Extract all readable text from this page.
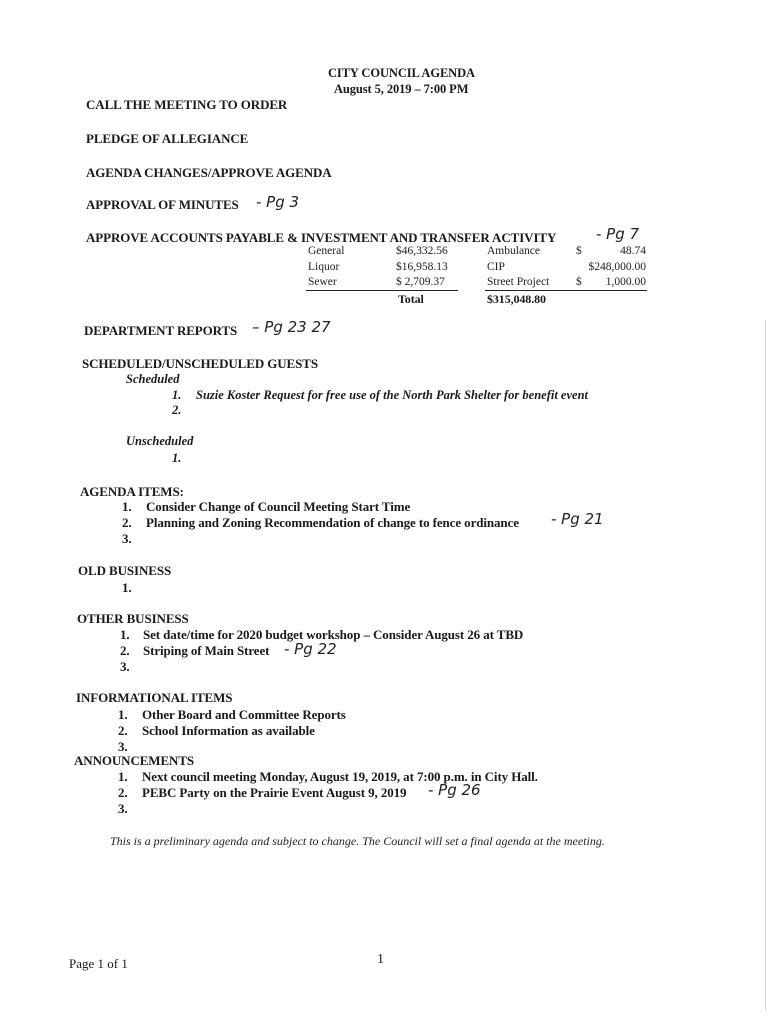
CITY COUNCIL AGENDA
August 5, 2019 – 7:00 PM
CALL THE MEETING TO ORDER
PLEDGE OF ALLEGIANCE
AGENDA CHANGES/APPROVE AGENDA
APPROVAL OF MINUTES - Pg 3
APPROVE ACCOUNTS PAYABLE & INVESTMENT AND TRANSFER ACTIVITY	- Pg 7
General	$46,332.56	Ambulance	$	48.74
Liquor	$16,958.13	CIP	$248,000.00
Sewer	$ 2,709.37	Street Project $	1,000.00
Total	$315,048.80
DEPARTMENT REPORTS – Pg 23 27
SCHEDULED/UNSCHEDULED GUESTS
Scheduled
1. Suzie Koster Request for free use of the North Park Shelter for benefit event
2.
Unscheduled
1.
AGENDA ITEMS:
1. Consider Change of Council Meeting Start Time
2. Planning and Zoning Recommendation of change to fence ordinance - Pg 21
3.
OLD BUSINESS
1.
OTHER BUSINESS
1. Set date/time for 2020 budget workshop – Consider August 26 at TBD
2. Striping of Main Street - Pg 22
3.
INFORMATIONAL ITEMS
1. Other Board and Committee Reports
2. School Information as available
3.
ANNOUNCEMENTS
1. Next council meeting Monday, August 19, 2019, at 7:00 p.m. in City Hall.
2. PEBC Party on the Prairie Event August 9, 2019 - Pg 26
3.
This is a preliminary agenda and subject to change. The Council will set a final agenda at the meeting.
Page 1 of 1	1
